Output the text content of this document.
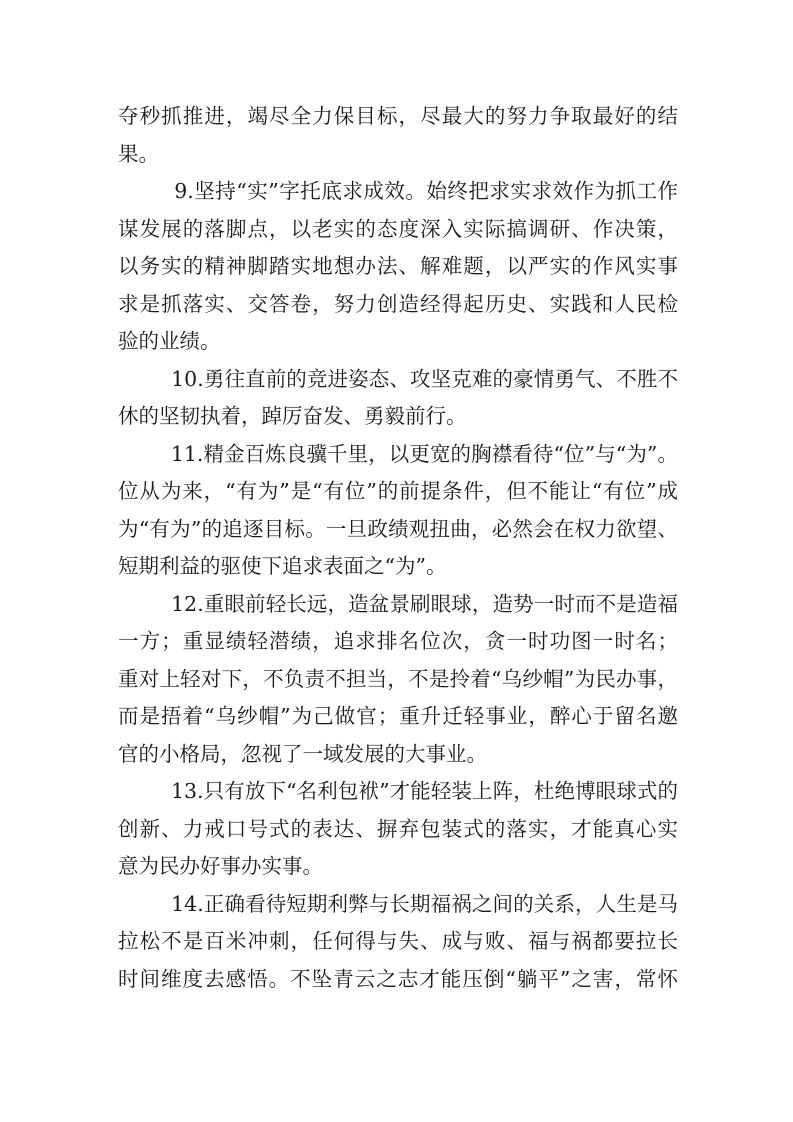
夺秒抓推进，竭尽全力保目标，尽最大的努力争取最好的结
果。
9.坚持“实”字托底求成效。始终把求实求效作为抓工作
谋发展的落脚点，以老实的态度深入实际搞调研、作决策，
以务实的精神脚踏实地想办法、解难题，以严实的作风实事
求是抓落实、交答卷，努力创造经得起历史、实践和人民检
验的业绩。
10.勇往直前的竞进姿态、攻坚克难的豪情勇气、不胜不
休的坚韧执着，踔厉奋发、勇毅前行。
11.精金百炼良骥千里，以更宽的胸襟看待“位”与“为”。
位从为来，“有为”是“有位”的前提条件，但不能让“有位”成
为“有为”的追逐目标。一旦政绩观扭曲，必然会在权力欲望、
短期利益的驱使下追求表面之“为”。
12.重眼前轻长远，造盆景刷眼球，造势一时而不是造福
一方；重显绩轻潜绩，追求排名位次，贪一时功图一时名；
重对上轻对下，不负责不担当，不是拎着“乌纱帽”为民办事，
而是捂着“乌纱帽”为己做官；重升迁轻事业，醉心于留名邀
官的小格局，忽视了一域发展的大事业。
13.只有放下“名利包袱”才能轻装上阵，杜绝博眼球式的
创新、力戒口号式的表达、摒弃包装式的落实，才能真心实
意为民办好事办实事。
14.正确看待短期利弊与长期福祸之间的关系，人生是马
拉松不是百米冲刺，任何得与失、成与败、福与祸都要拉长
时间维度去感悟。不坠青云之志才能压倒“躺平”之害，常怀
